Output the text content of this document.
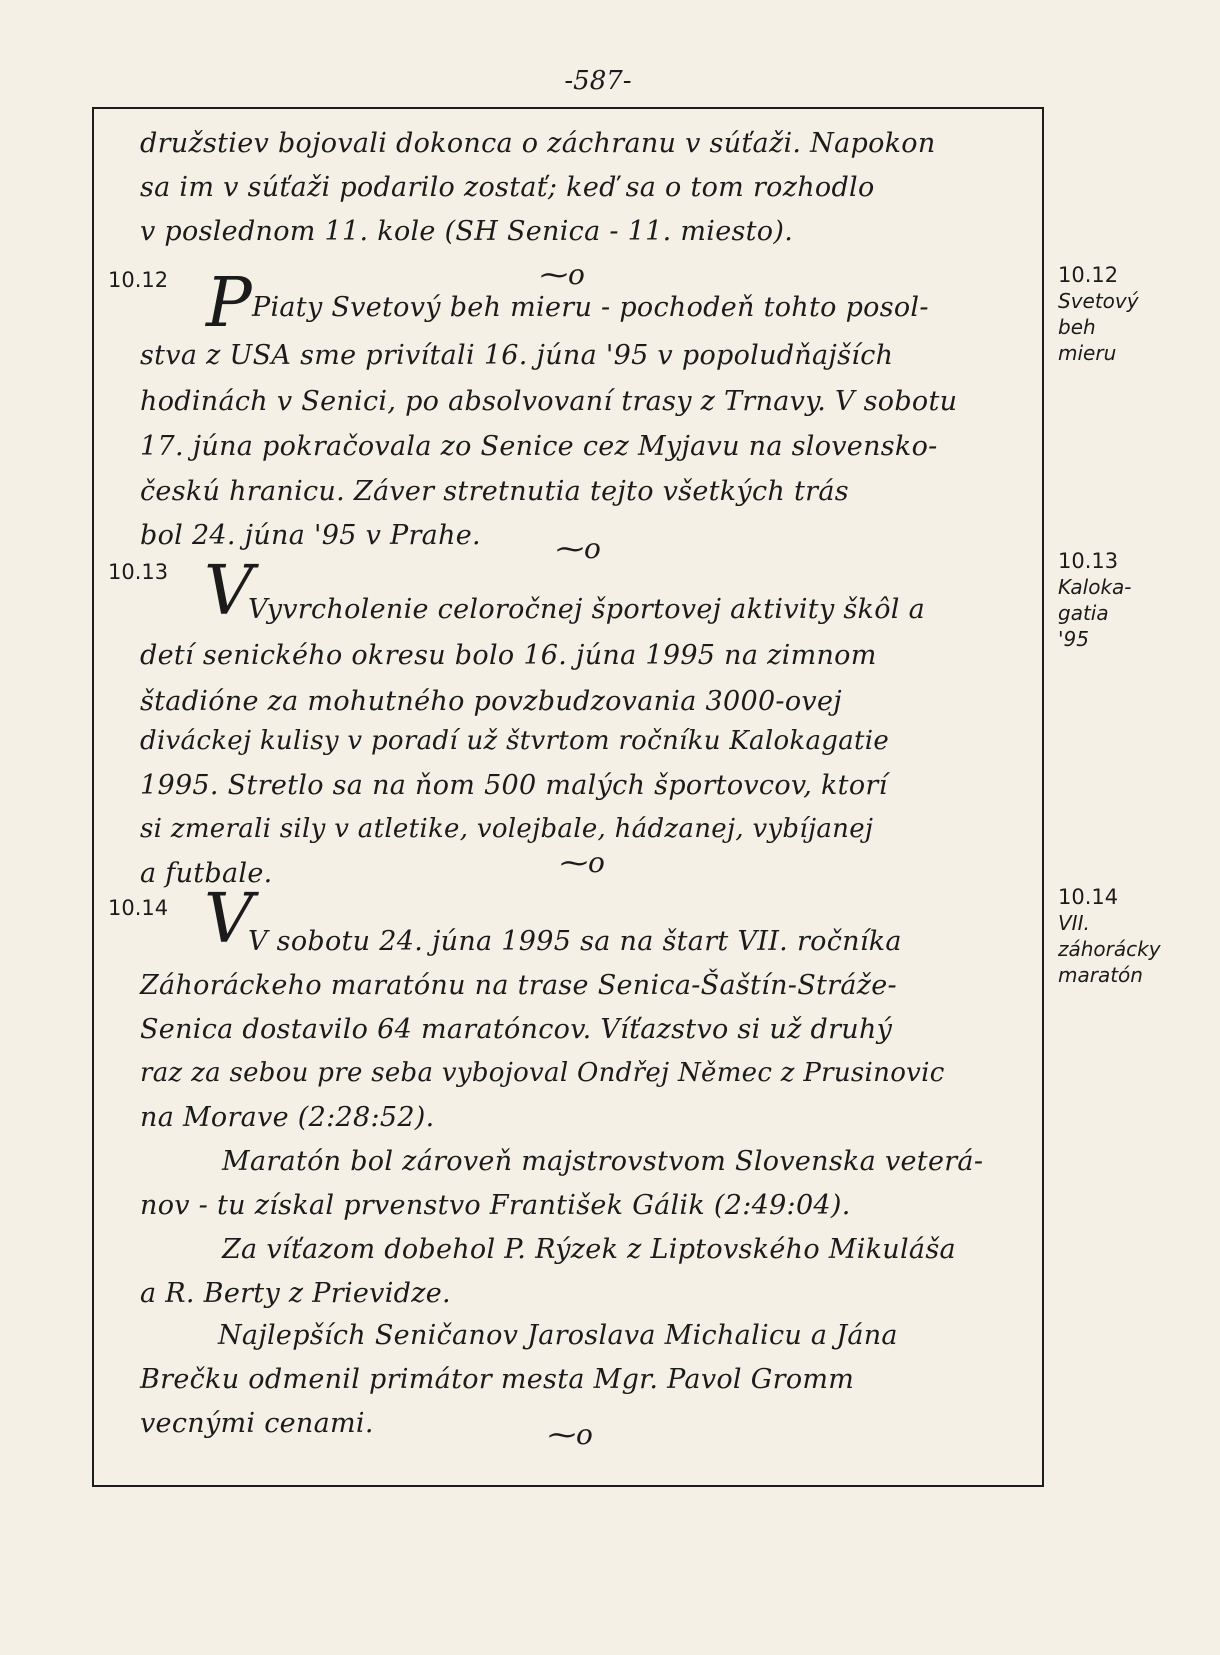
-587-
družstiev bojovali dokonca o záchranu v súťaži. Napokon
sa im v súťaži podarilo zostať; keď sa o tom rozhodlo
v poslednom 11. kole (SH Senica - 11. miesto).
⁓o
10.12 P Piaty Svetový beh mieru - pochodeň tohto posol-
stva z USA sme privítali 16. júna '95 v popoludňajších
hodinách v Senici, po absolvovaní trasy z Trnavy. V sobotu
17. júna pokračovala zo Senice cez Myjavu na slovensko-
českú hranicu. Záver stretnutia tejto všetkých trás
bol 24. júna '95 v Prahe.	⁓o
10.13 V
Vyvrcholenie celoročnej športovej aktivity škôl a
detí senického okresu bolo 16. júna 1995 na zimnom
štadióne za mohutného povzbudzovania 3000-ovej
diváckej kulisy v poradí už štvrtom ročníku Kalokagatie
1995. Stretlo sa na ňom 500 malých športovcov, ktorí
si zmerali sily v atletike, volejbale, hádzanej, vybíjanej
a futbale.	⁓o
10.14 V
V sobotu 24. júna 1995 sa na štart VII. ročníka
Záhoráckeho maratónu na trase Senica-Šaštín-Stráže-
Senica dostavilo 64 maratóncov. Víťazstvo si už druhý
raz za sebou pre seba vybojoval Ondřej Němec z Prusinovic
na Morave (2:28:52).
Maratón bol zároveň majstrovstvom Slovenska veterá-
nov - tu získal prvenstvo František Gálik (2:49:04).
Za víťazom dobehol P. Rýzek z Liptovského Mikuláša
a R. Berty z Prievidze.
Najlepších Seničanov Jaroslava Michalicu a Jána
Brečku odmenil primátor mesta Mgr. Pavol Gromm
vecnými cenami.	⁓o
10.12
Svetový
beh
mieru
10.13
Kaloka-
gatia
'95
10.14
VII.
záhorácky
maratón
